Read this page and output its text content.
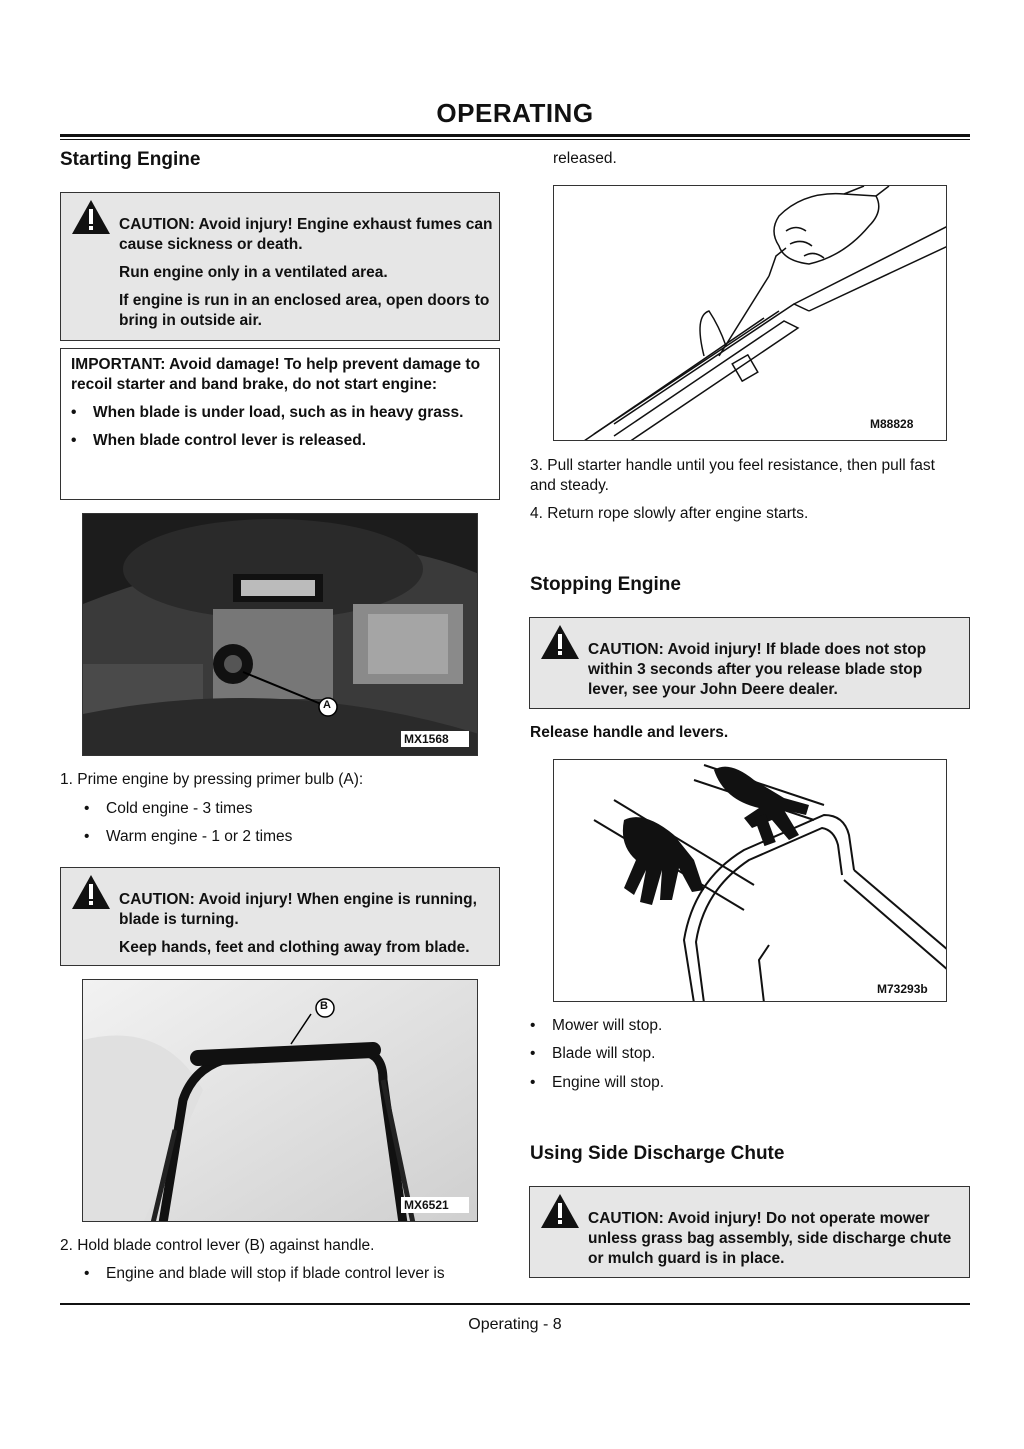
OPERATING
Starting Engine

CAUTION: Avoid injury! Engine exhaust fumes can cause sickness or death.

Run engine only in a ventilated area.

If engine is run in an enclosed area, open doors to bring in outside air.

IMPORTANT: Avoid damage! To help prevent damage to recoil starter and band brake, do not start engine:

• When blade is under load, such as in heavy grass.

• When blade control lever is released.

A
MX1568
1. Prime engine by pressing primer bulb (A):
• Cold engine - 3 times
• Warm engine - 1 or 2 times

CAUTION: Avoid injury! When engine is running, blade is turning.

Keep hands, feet and clothing away from blade.

B
MX6521
2. Hold blade control lever (B) against handle.
• Engine and blade will stop if blade control lever is
released.
M88828
3. Pull starter handle until you feel resistance, then pull fast and steady.
4. Return rope slowly after engine starts.
Stopping Engine

CAUTION: Avoid injury! If blade does not stop within 3 seconds after you release blade stop lever, see your John Deere dealer.

Release handle and levers.
M73293b
• Mower will stop.
• Blade will stop.
• Engine will stop.
Using Side Discharge Chute

CAUTION: Avoid injury! Do not operate mower unless grass bag assembly, side discharge chute or mulch guard is in place.

Operating - 8
